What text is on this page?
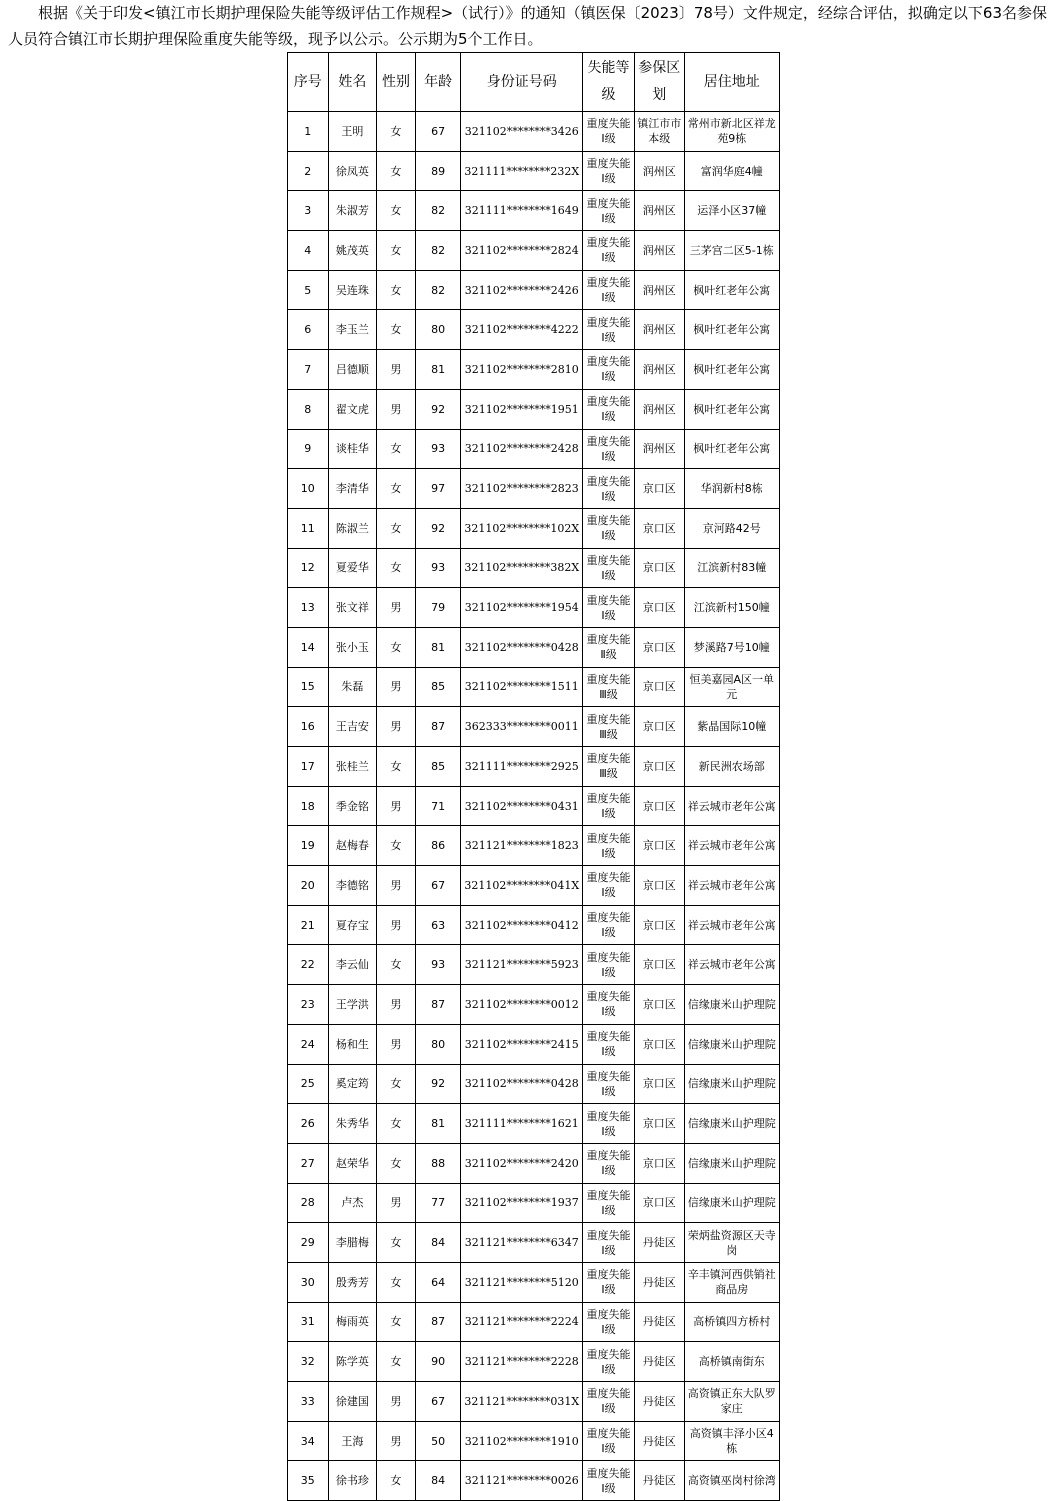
根据《关于印发<镇江市长期护理保险失能等级评估工作规程>（试行）》的通知（镇医保〔2023〕78号）文件规定，经综合评估，拟确定以下63名参保人员符合镇江市长期护理保险重度失能等级，现予以公示。公示期为5个工作日。

序号	姓名	性别	年龄	身份证号码	失能等级	参保区划	居住地址
1	王明	女	67	321102********3426	重度失能Ⅰ级	镇江市市本级	常州市新北区祥龙苑9栋
2	徐凤英	女	89	321111********232X	重度失能Ⅰ级	润州区	富润华庭4幢
3	朱淑芳	女	82	321111********1649	重度失能Ⅰ级	润州区	运泽小区37幢
4	姚茂英	女	82	321102********2824	重度失能Ⅰ级	润州区	三茅宫二区5-1栋
5	吴连珠	女	82	321102********2426	重度失能Ⅰ级	润州区	枫叶红老年公寓
6	李玉兰	女	80	321102********4222	重度失能Ⅰ级	润州区	枫叶红老年公寓
7	吕德顺	男	81	321102********2810	重度失能Ⅰ级	润州区	枫叶红老年公寓
8	翟文虎	男	92	321102********1951	重度失能Ⅰ级	润州区	枫叶红老年公寓
9	谈桂华	女	93	321102********2428	重度失能Ⅰ级	润州区	枫叶红老年公寓
10	李清华	女	97	321102********2823	重度失能Ⅰ级	京口区	华润新村8栋
11	陈淑兰	女	92	321102********102X	重度失能Ⅰ级	京口区	京河路42号
12	夏爱华	女	93	321102********382X	重度失能Ⅰ级	京口区	江滨新村83幢
13	张文祥	男	79	321102********1954	重度失能Ⅰ级	京口区	江滨新村150幢
14	张小玉	女	81	321102********0428	重度失能Ⅱ级	京口区	梦溪路7号10幢
15	朱磊	男	85	321102********1511	重度失能Ⅲ级	京口区	恒美嘉园A区一单元
16	王吉安	男	87	362333********0011	重度失能Ⅲ级	京口区	紫晶国际10幢
17	张桂兰	女	85	321111********2925	重度失能Ⅲ级	京口区	新民洲农场部
18	季金铭	男	71	321102********0431	重度失能Ⅰ级	京口区	祥云城市老年公寓
19	赵梅春	女	86	321121********1823	重度失能Ⅰ级	京口区	祥云城市老年公寓
20	李德铭	男	67	321102********041X	重度失能Ⅰ级	京口区	祥云城市老年公寓
21	夏存宝	男	63	321102********0412	重度失能Ⅰ级	京口区	祥云城市老年公寓
22	李云仙	女	93	321121********5923	重度失能Ⅰ级	京口区	祥云城市老年公寓
23	王学洪	男	87	321102********0012	重度失能Ⅰ级	京口区	信缘康米山护理院
24	杨和生	男	80	321102********2415	重度失能Ⅰ级	京口区	信缘康米山护理院
25	奚定筠	女	92	321102********0428	重度失能Ⅰ级	京口区	信缘康米山护理院
26	朱秀华	女	81	321111********1621	重度失能Ⅰ级	京口区	信缘康米山护理院
27	赵荣华	女	88	321102********2420	重度失能Ⅰ级	京口区	信缘康米山护理院
28	卢杰	男	77	321102********1937	重度失能Ⅰ级	京口区	信缘康米山护理院
29	李腊梅	女	84	321121********6347	重度失能Ⅰ级	丹徒区	荣炳盐资源区天寺岗
30	殷秀芳	女	64	321121********5120	重度失能Ⅰ级	丹徒区	辛丰镇河西供销社商品房
31	梅雨英	女	87	321121********2224	重度失能Ⅰ级	丹徒区	高桥镇四方桥村
32	陈学英	女	90	321121********2228	重度失能Ⅰ级	丹徒区	高桥镇南街东
33	徐建国	男	67	321121********031X	重度失能Ⅰ级	丹徒区	高资镇正东大队罗家庄
34	王海	男	50	321102********1910	重度失能Ⅰ级	丹徒区	高资镇丰泽小区4栋
35	徐书珍	女	84	321121********0026	重度失能Ⅰ级	丹徒区	高资镇巫岗村徐湾
